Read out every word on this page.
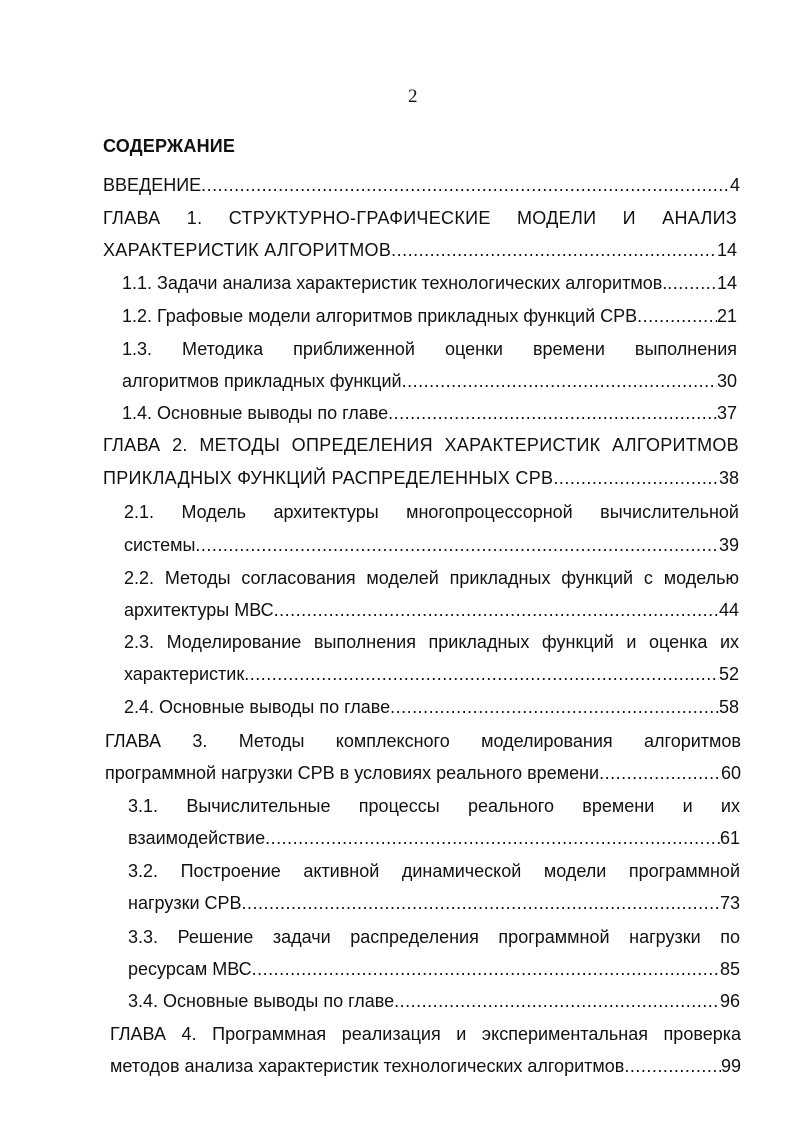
2
СОДЕРЖАНИЕ
ВВЕДЕНИЕ .....	4
ГЛАВА 1. СТРУКТУРНО-ГРАФИЧЕСКИЕ МОДЕЛИ И АНАЛИЗ
ХАРАКТЕРИСТИК АЛГОРИТМОВ .....	14
1.1. Задачи анализа характеристик технологических алгоритмов. .....	14
1.2. Графовые модели алгоритмов прикладных функций СРВ .....	21
1.3. Методика приближенной оценки времени выполнения
алгоритмов прикладных функций .....	30
1.4. Основные выводы по главе .....	37
ГЛАВА 2. МЕТОДЫ ОПРЕДЕЛЕНИЯ ХАРАКТЕРИСТИК АЛГОРИТМОВ
ПРИКЛАДНЫХ ФУНКЦИЙ РАСПРЕДЕЛЕННЫХ СРВ .....	38
2.1. Модель архитектуры многопроцессорной вычислительной
системы .....	39
2.2. Методы согласования моделей прикладных функций с моделью
архитектуры МВС .....	44
2.3. Моделирование выполнения прикладных функций и оценка их
характеристик .....	52
2.4. Основные выводы по главе .....	58
ГЛАВА 3. Методы комплексного моделирования алгоритмов
программной нагрузки СРВ в условиях реального времени .....	60
3.1. Вычислительные процессы реального времени и их
взаимодействие .....	61
3.2. Построение активной динамической модели программной
нагрузки СРВ .....	73
3.3. Решение задачи распределения программной нагрузки по
ресурсам МВС .....	85
3.4. Основные выводы по главе .....	96
ГЛАВА 4. Программная реализация и экспериментальная проверка
методов анализа характеристик технологических алгоритмов .....	99
